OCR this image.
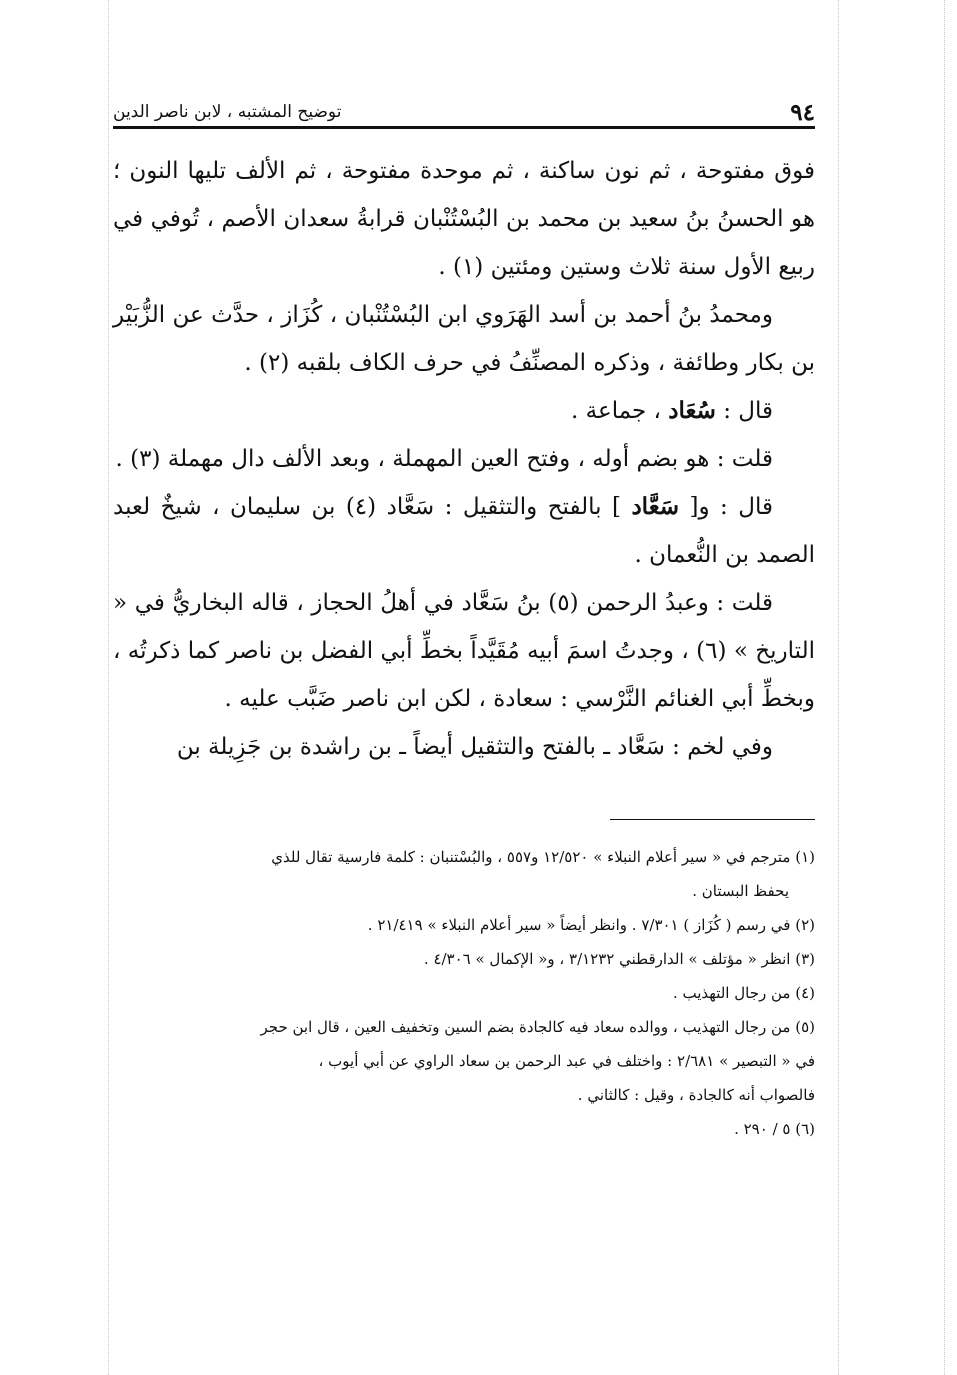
٩٤
توضيح المشتبه ، لابن ناصر الدين

فوق مفتوحة ، ثم نون ساكنة ، ثم موحدة مفتوحة ، ثم الألف تليها النون ؛ هو الحسنُ بنُ سعيد بن محمد بن البُسْتُنْبان قرابةُ سعدان الأصم ، تُوفي في ربيع الأول سنة ثلاث وستين ومئتين (١) .

ومحمدُ بنُ أحمد بن أسد الهَرَوي ابن البُسْتُنْبان ، كُزَاز ، حدَّث عن الزُّبَيْر بن بكار وطائفة ، وذكره المصنِّفُ في حرف الكاف بلقبه (٢) .

قال : سُعَاد ، جماعة .

قلت : هو بضم أوله ، وفتح العين المهملة ، وبعد الألف دال مهملة (٣) .

قال : و[ سَعَّاد ] بالفتح والتثقيل : سَعَّاد (٤) بن سليمان ، شيخٌ لعبد الصمد بن النُّعمان .

قلت : وعبدُ الرحمن (٥) بنُ سَعَّاد في أهلُ الحجاز ، قاله البخاريُّ في « التاريخ » (٦) ، وجدتُ اسمَ أبيه مُقَيَّداً بخطِّ أبي الفضل بن ناصر كما ذكرتُه ، وبخطِّ أبي الغنائم النَّرْسي : سعادة ، لكن ابن ناصر ضَبَّب عليه .

وفي لخم : سَعَّاد ـ بالفتح والتثقيل أيضاً ـ بن راشدة بن جَزِيلة بن

(١) مترجم في « سير أعلام النبلاء » ١٢/٥٢٠ و٥٥٧ ، والبُسْتنبان : كلمة فارسية تقال للذي

يحفظ البستان .

(٢) في رسم ( كُزَاز ) ٧/٣٠١ . وانظر أيضاً « سير أعلام النبلاء » ٢١/٤١٩ .

(٣) انظر « مؤتلف » الدارقطني ٣/١٢٣٢ ، و« الإكمال » ٤/٣٠٦ .

(٤) من رجال التهذيب .

(٥) من رجال التهذيب ، ووالده سعاد فيه كالجادة بضم السين وتخفيف العين ، قال ابن حجر

في « التبصير » ٢/٦٨١ : واختلف في عبد الرحمن بن سعاد الراوي عن أبي أيوب ،

فالصواب أنه كالجادة ، وقيل : كالثاني .

(٦) ٥ / ٢٩٠ .
